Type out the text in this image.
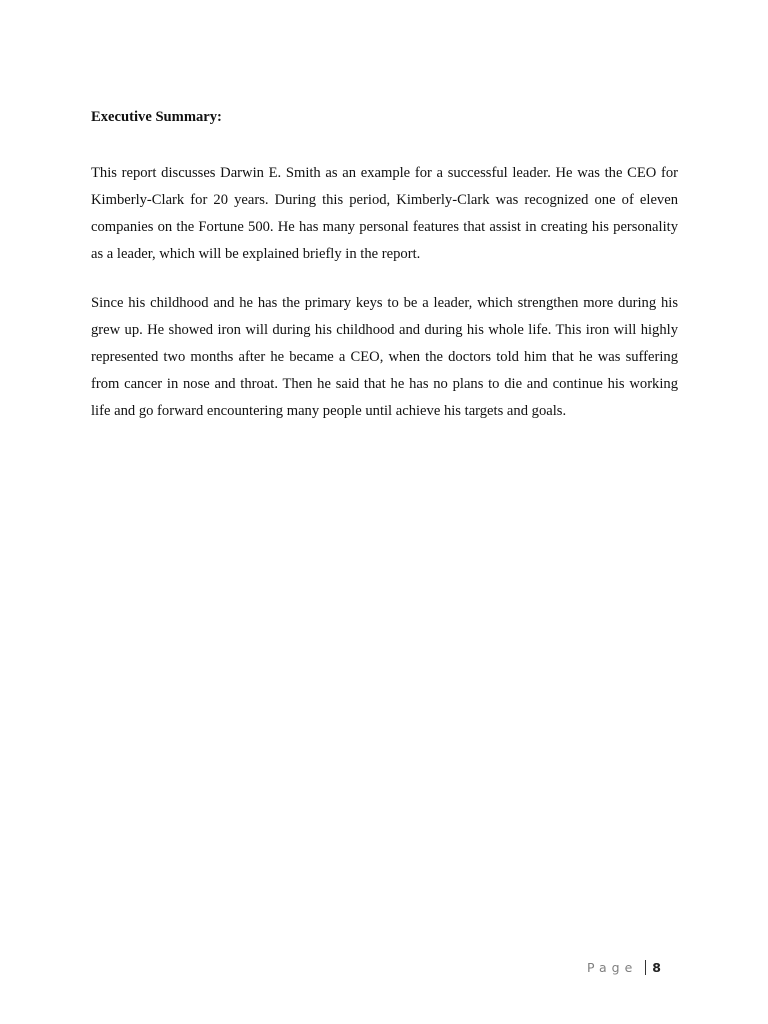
Executive Summary:

This report discusses Darwin E. Smith as an example for a successful leader. He was the CEO for Kimberly-Clark for 20 years. During this period, Kimberly-Clark was recognized one of eleven companies on the Fortune 500. He has many personal features that assist in creating his personality as a leader, which will be explained briefly in the report.

Since his childhood and he has the primary keys to be a leader, which strengthen more during his grew up. He showed iron will during his childhood and during his whole life. This iron will highly represented two months after he became a CEO, when the doctors told him that he was suffering from cancer in nose and throat. Then he said that he has no plans to die and continue his working life and go forward encountering many people until achieve his targets and goals.

Page 8
